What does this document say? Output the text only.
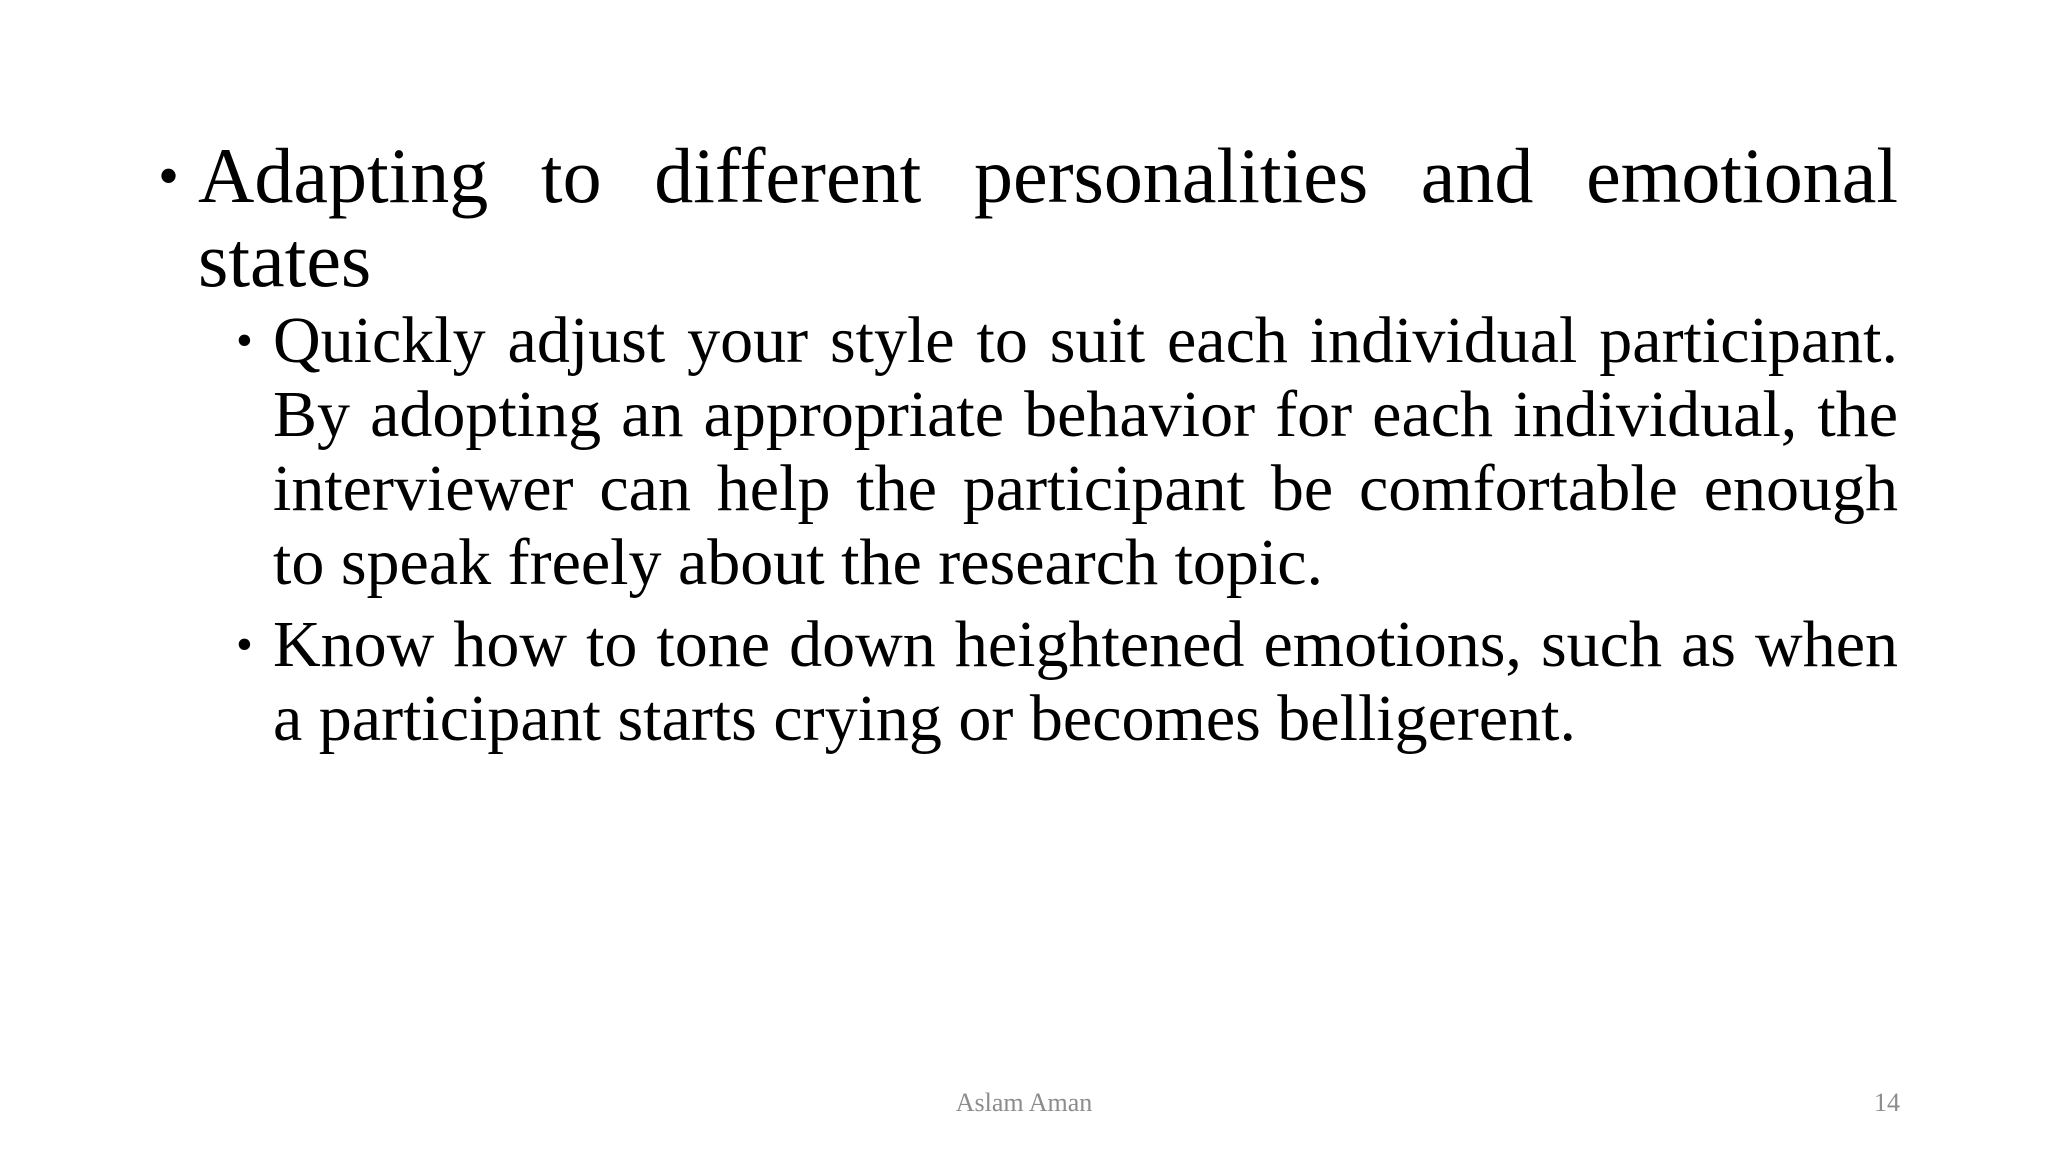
• Adapting to different personalities and emotional states
• Quickly adjust your style to suit each individual participant. By adopting an appropriate behavior for each individual, the interviewer can help the participant be comfortable enough to speak freely about the research topic.
• Know how to tone down heightened emotions, such as when a participant starts crying or becomes belligerent.
Aslam Aman	14
